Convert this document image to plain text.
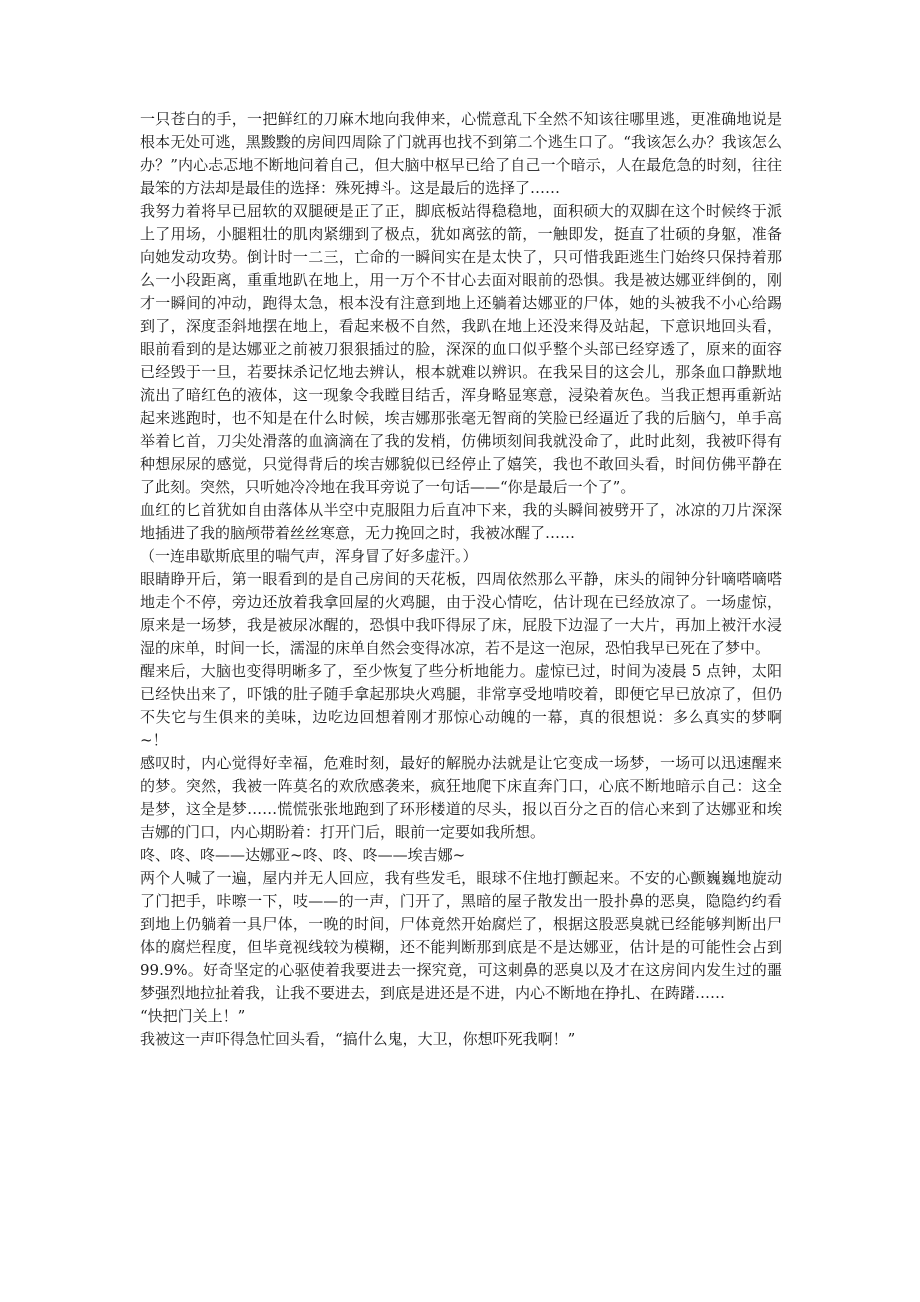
一只苍白的手，一把鲜红的刀麻木地向我伸来，心慌意乱下全然不知该往哪里逃，更准确地说是根本无处可逃，黑黢黢的房间四周除了门就再也找不到第二个逃生口了。“我该怎么办？我该怎么办？”内心忐忑地不断地问着自己，但大脑中枢早已给了自己一个暗示，人在最危急的时刻，往往最笨的方法却是最佳的选择：殊死搏斗。这是最后的选择了……

我努力着将早已屈软的双腿硬是正了正，脚底板站得稳稳地，面积硕大的双脚在这个时候终于派上了用场，小腿粗壮的肌肉紧绷到了极点，犹如离弦的箭，一触即发，挺直了壮硕的身躯，准备向她发动攻势。倒计时一二三，亡命的一瞬间实在是太快了，只可惜我距逃生门始终只保持着那么一小段距离，重重地趴在地上，用一万个不甘心去面对眼前的恐惧。我是被达娜亚绊倒的，刚才一瞬间的冲动，跑得太急，根本没有注意到地上还躺着达娜亚的尸体，她的头被我不小心给踢到了，深度歪斜地摆在地上，看起来极不自然，我趴在地上还没来得及站起，下意识地回头看，眼前看到的是达娜亚之前被刀狠狠插过的脸，深深的血口似乎整个头部已经穿透了，原来的面容已经毁于一旦，若要抹杀记忆地去辨认，根本就难以辨识。在我呆目的这会儿，那条血口静默地流出了暗红色的液体，这一现象令我瞠目结舌，浑身略显寒意，浸染着灰色。当我正想再重新站起来逃跑时，也不知是在什么时候，埃吉娜那张毫无智商的笑脸已经逼近了我的后脑勺，单手高举着匕首，刀尖处滑落的血滴滴在了我的发梢，仿佛顷刻间我就没命了，此时此刻，我被吓得有种想尿尿的感觉，只觉得背后的埃吉娜貌似已经停止了嬉笑，我也不敢回头看，时间仿佛平静在了此刻。突然，只听她冷冷地在我耳旁说了一句话——“你是最后一个了”。

血红的匕首犹如自由落体从半空中克服阻力后直冲下来，我的头瞬间被劈开了，冰凉的刀片深深地插进了我的脑颅带着丝丝寒意，无力挽回之时，我被冰醒了……

（一连串歇斯底里的喘气声，浑身冒了好多虚汗。）

眼睛睁开后，第一眼看到的是自己房间的天花板，四周依然那么平静，床头的闹钟分针嘀嗒嘀嗒地走个不停，旁边还放着我拿回屋的火鸡腿，由于没心情吃，估计现在已经放凉了。一场虚惊，原来是一场梦，我是被尿冰醒的，恐惧中我吓得尿了床，屁股下边湿了一大片，再加上被汗水浸湿的床单，时间一长，濡湿的床单自然会变得冰凉，若不是这一泡尿，恐怕我早已死在了梦中。

醒来后，大脑也变得明晰多了，至少恢复了些分析地能力。虚惊已过，时间为凌晨 5 点钟，太阳已经快出来了，吓饿的肚子随手拿起那块火鸡腿，非常享受地啃咬着，即便它早已放凉了，但仍不失它与生俱来的美味，边吃边回想着刚才那惊心动魄的一幕，真的很想说：多么真实的梦啊~！

感叹时，内心觉得好幸福，危难时刻，最好的解脱办法就是让它变成一场梦，一场可以迅速醒来的梦。突然，我被一阵莫名的欢欣感袭来，疯狂地爬下床直奔门口，心底不断地暗示自己：这全是梦，这全是梦……慌慌张张地跑到了环形楼道的尽头，报以百分之百的信心来到了达娜亚和埃吉娜的门口，内心期盼着：打开门后，眼前一定要如我所想。

咚、咚、咚——达娜亚~咚、咚、咚——埃吉娜~

两个人喊了一遍，屋内并无人回应，我有些发毛，眼球不住地打颤起来。不安的心颤巍巍地旋动了门把手，咔嚓一下，吱——的一声，门开了，黑暗的屋子散发出一股扑鼻的恶臭，隐隐约约看到地上仍躺着一具尸体，一晚的时间，尸体竟然开始腐烂了，根据这股恶臭就已经能够判断出尸体的腐烂程度，但毕竟视线较为模糊，还不能判断那到底是不是达娜亚，估计是的可能性会占到 99.9%。好奇坚定的心驱使着我要进去一探究竟，可这刺鼻的恶臭以及才在这房间内发生过的噩梦强烈地拉扯着我，让我不要进去，到底是进还是不进，内心不断地在挣扎、在踌躇……

“快把门关上！”

我被这一声吓得急忙回头看，“搞什么鬼，大卫，你想吓死我啊！”
